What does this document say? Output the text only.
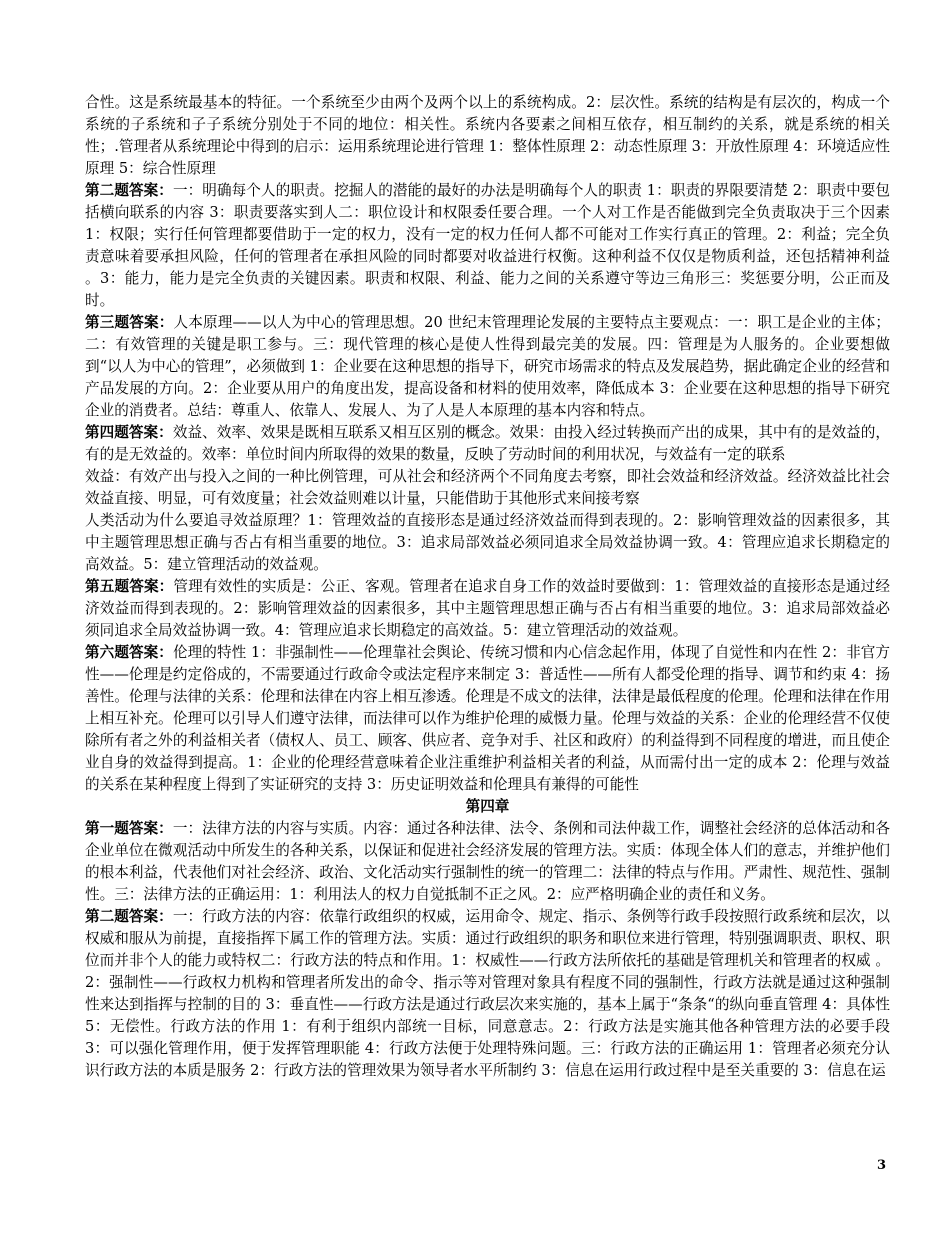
合性。这是系统最基本的特征。一个系统至少由两个及两个以上的系统构成。2：层次性。系统的结构是有层次的，构成一个系统的子系统和子子系统分别处于不同的地位：相关性。系统内各要素之间相互依存，相互制约的关系，就是系统的相关性；.管理者从系统理论中得到的启示：运用系统理论进行管理 1：整体性原理 2：动态性原理 3：开放性原理 4：环境适应性原理 5：综合性原理

第二题答案：一：明确每个人的职责。挖掘人的潜能的最好的办法是明确每个人的职责 1：职责的界限要清楚 2：职责中要包括横向联系的内容 3：职责要落实到人二：职位设计和权限委任要合理。一个人对工作是否能做到完全负责取决于三个因素 1：权限；实行任何管理都要借助于一定的权力，没有一定的权力任何人都不可能对工作实行真正的管理。2：利益；完全负责意味着要承担风险，任何的管理者在承担风险的同时都要对收益进行权衡。这种利益不仅仅是物质利益，还包括精神利益 。3：能力，能力是完全负责的关键因素。职责和权限、利益、能力之间的关系遵守等边三角形三：奖惩要分明，公正而及时。

第三题答案：人本原理——以人为中心的管理思想。20 世纪末管理理论发展的主要特点主要观点：一：职工是企业的主体；二：有效管理的关键是职工参与。三：现代管理的核心是使人性得到最完美的发展。四：管理是为人服务的。企业要想做到“以人为中心的管理”，必须做到 1：企业要在这种思想的指导下，研究市场需求的特点及发展趋势，据此确定企业的经营和产品发展的方向。2：企业要从用户的角度出发，提高设备和材料的使用效率，降低成本 3：企业要在这种思想的指导下研究企业的消费者。总结：尊重人、依靠人、发展人、为了人是人本原理的基本内容和特点。

第四题答案：效益、效率、效果是既相互联系又相互区别的概念。效果：由投入经过转换而产出的成果，其中有的是效益的，有的是无效益的。效率：单位时间内所取得的效果的数量，反映了劳动时间的利用状况，与效益有一定的联系

效益：有效产出与投入之间的一种比例管理，可从社会和经济两个不同角度去考察，即社会效益和经济效益。经济效益比社会效益直接、明显，可有效度量；社会效益则难以计量，只能借助于其他形式来间接考察

人类活动为什么要追寻效益原理？1：管理效益的直接形态是通过经济效益而得到表现的。2：影响管理效益的因素很多，其中主题管理思想正确与否占有相当重要的地位。3：追求局部效益必须同追求全局效益协调一致。4：管理应追求长期稳定的高效益。5：建立管理活动的效益观。

第五题答案：管理有效性的实质是：公正、客观。管理者在追求自身工作的效益时要做到：1：管理效益的直接形态是通过经济效益而得到表现的。2：影响管理效益的因素很多，其中主题管理思想正确与否占有相当重要的地位。3：追求局部效益必须同追求全局效益协调一致。4：管理应追求长期稳定的高效益。5：建立管理活动的效益观。

第六题答案：伦理的特性 1：非强制性——伦理靠社会舆论、传统习惯和内心信念起作用，体现了自觉性和内在性 2：非官方性——伦理是约定俗成的，不需要通过行政命令或法定程序来制定 3：普适性——所有人都受伦理的指导、调节和约束 4：扬善性。伦理与法律的关系：伦理和法律在内容上相互渗透。伦理是不成文的法律，法律是最低程度的伦理。伦理和法律在作用上相互补充。伦理可以引导人们遵守法律，而法律可以作为维护伦理的威慑力量。伦理与效益的关系：企业的伦理经营不仅使除所有者之外的利益相关者（债权人、员工、顾客、供应者、竞争对手、社区和政府）的利益得到不同程度的增进，而且使企业自身的效益得到提高。1：企业的伦理经营意味着企业注重维护利益相关者的利益，从而需付出一定的成本 2：伦理与效益的关系在某种程度上得到了实证研究的支持 3：历史证明效益和伦理具有兼得的可能性

第四章

第一题答案：一：法律方法的内容与实质。内容：通过各种法律、法令、条例和司法仲裁工作，调整社会经济的总体活动和各企业单位在微观活动中所发生的各种关系，以保证和促进社会经济发展的管理方法。实质：体现全体人们的意志，并维护他们的根本利益，代表他们对社会经济、政治、文化活动实行强制性的统一的管理二：法律的特点与作用。严肃性、规范性、强制性。三：法律方法的正确运用：1：利用法人的权力自觉抵制不正之风。2：应严格明确企业的责任和义务。

第二题答案：一：行政方法的内容：依靠行政组织的权威，运用命令、规定、指示、条例等行政手段按照行政系统和层次，以权威和服从为前提，直接指挥下属工作的管理方法。实质：通过行政组织的职务和职位来进行管理，特别强调职责、职权、职位而并非个人的能力或特权二：行政方法的特点和作用。1：权威性——行政方法所依托的基础是管理机关和管理者的权威 。2：强制性——行政权力机构和管理者所发出的命令、指示等对管理对象具有程度不同的强制性，行政方法就是通过这种强制性来达到指挥与控制的目的 3：垂直性——行政方法是通过行政层次来实施的，基本上属于“条条“的纵向垂直管理 4：具体性 5：无偿性。行政方法的作用 1：有利于组织内部统一目标，同意意志。2：行政方法是实施其他各种管理方法的必要手段 3：可以强化管理作用，便于发挥管理职能 4：行政方法便于处理特殊问题。三：行政方法的正确运用 1：管理者必须充分认识行政方法的本质是服务 2：行政方法的管理效果为领导者水平所制约 3：信息在运用行政过程中是至关重要的 3：信息在运

3
